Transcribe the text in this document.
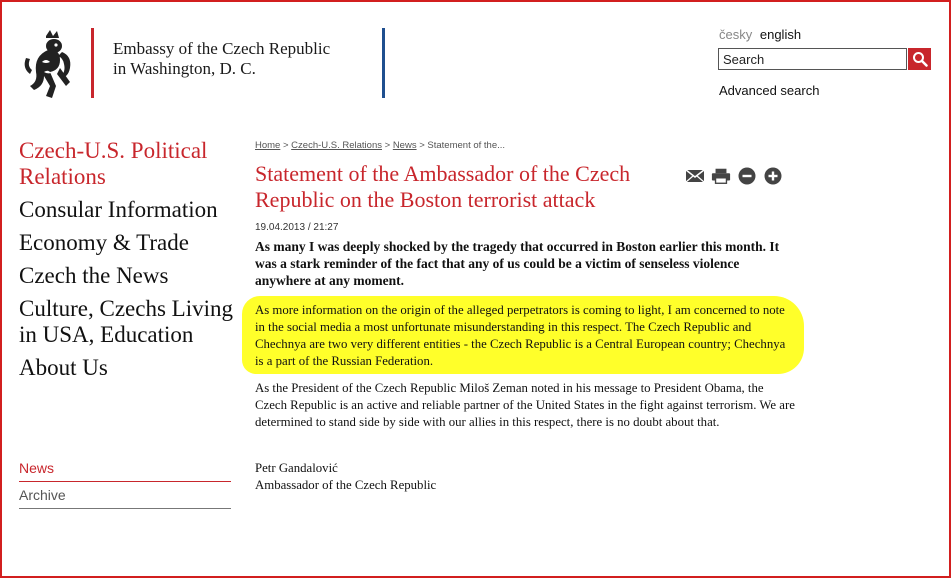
Embassy of the Czech Republic
in Washington, D. C.
česky english
Search
Advanced search
Czech-U.S. Political Relations
Consular Information
Economy & Trade
Czech the News
Culture, Czechs Living in USA, Education
About Us
News
Archive
Home > Czech-U.S. Relations > News > Statement of the...
Statement of the Ambassador of the Czech Republic on the Boston terrorist attack
19.04.2013 / 21:27
As many I was deeply shocked by the tragedy that occurred in Boston earlier this month. It was a stark reminder of the fact that any of us could be a victim of senseless violence anywhere at any moment.
As more information on the origin of the alleged perpetrators is coming to light, I am concerned to note in the social media a most unfortunate misunderstanding in this respect. The Czech Republic and Chechnya are two very different entities - the Czech Republic is a Central European country; Chechnya is a part of the Russian Federation.
As the President of the Czech Republic Miloš Zeman noted in his message to President Obama, the Czech Republic is an active and reliable partner of the United States in the fight against terrorism. We are determined to stand side by side with our allies in this respect, there is no doubt about that.
Petr Gandalović
Ambassador of the Czech Republic
